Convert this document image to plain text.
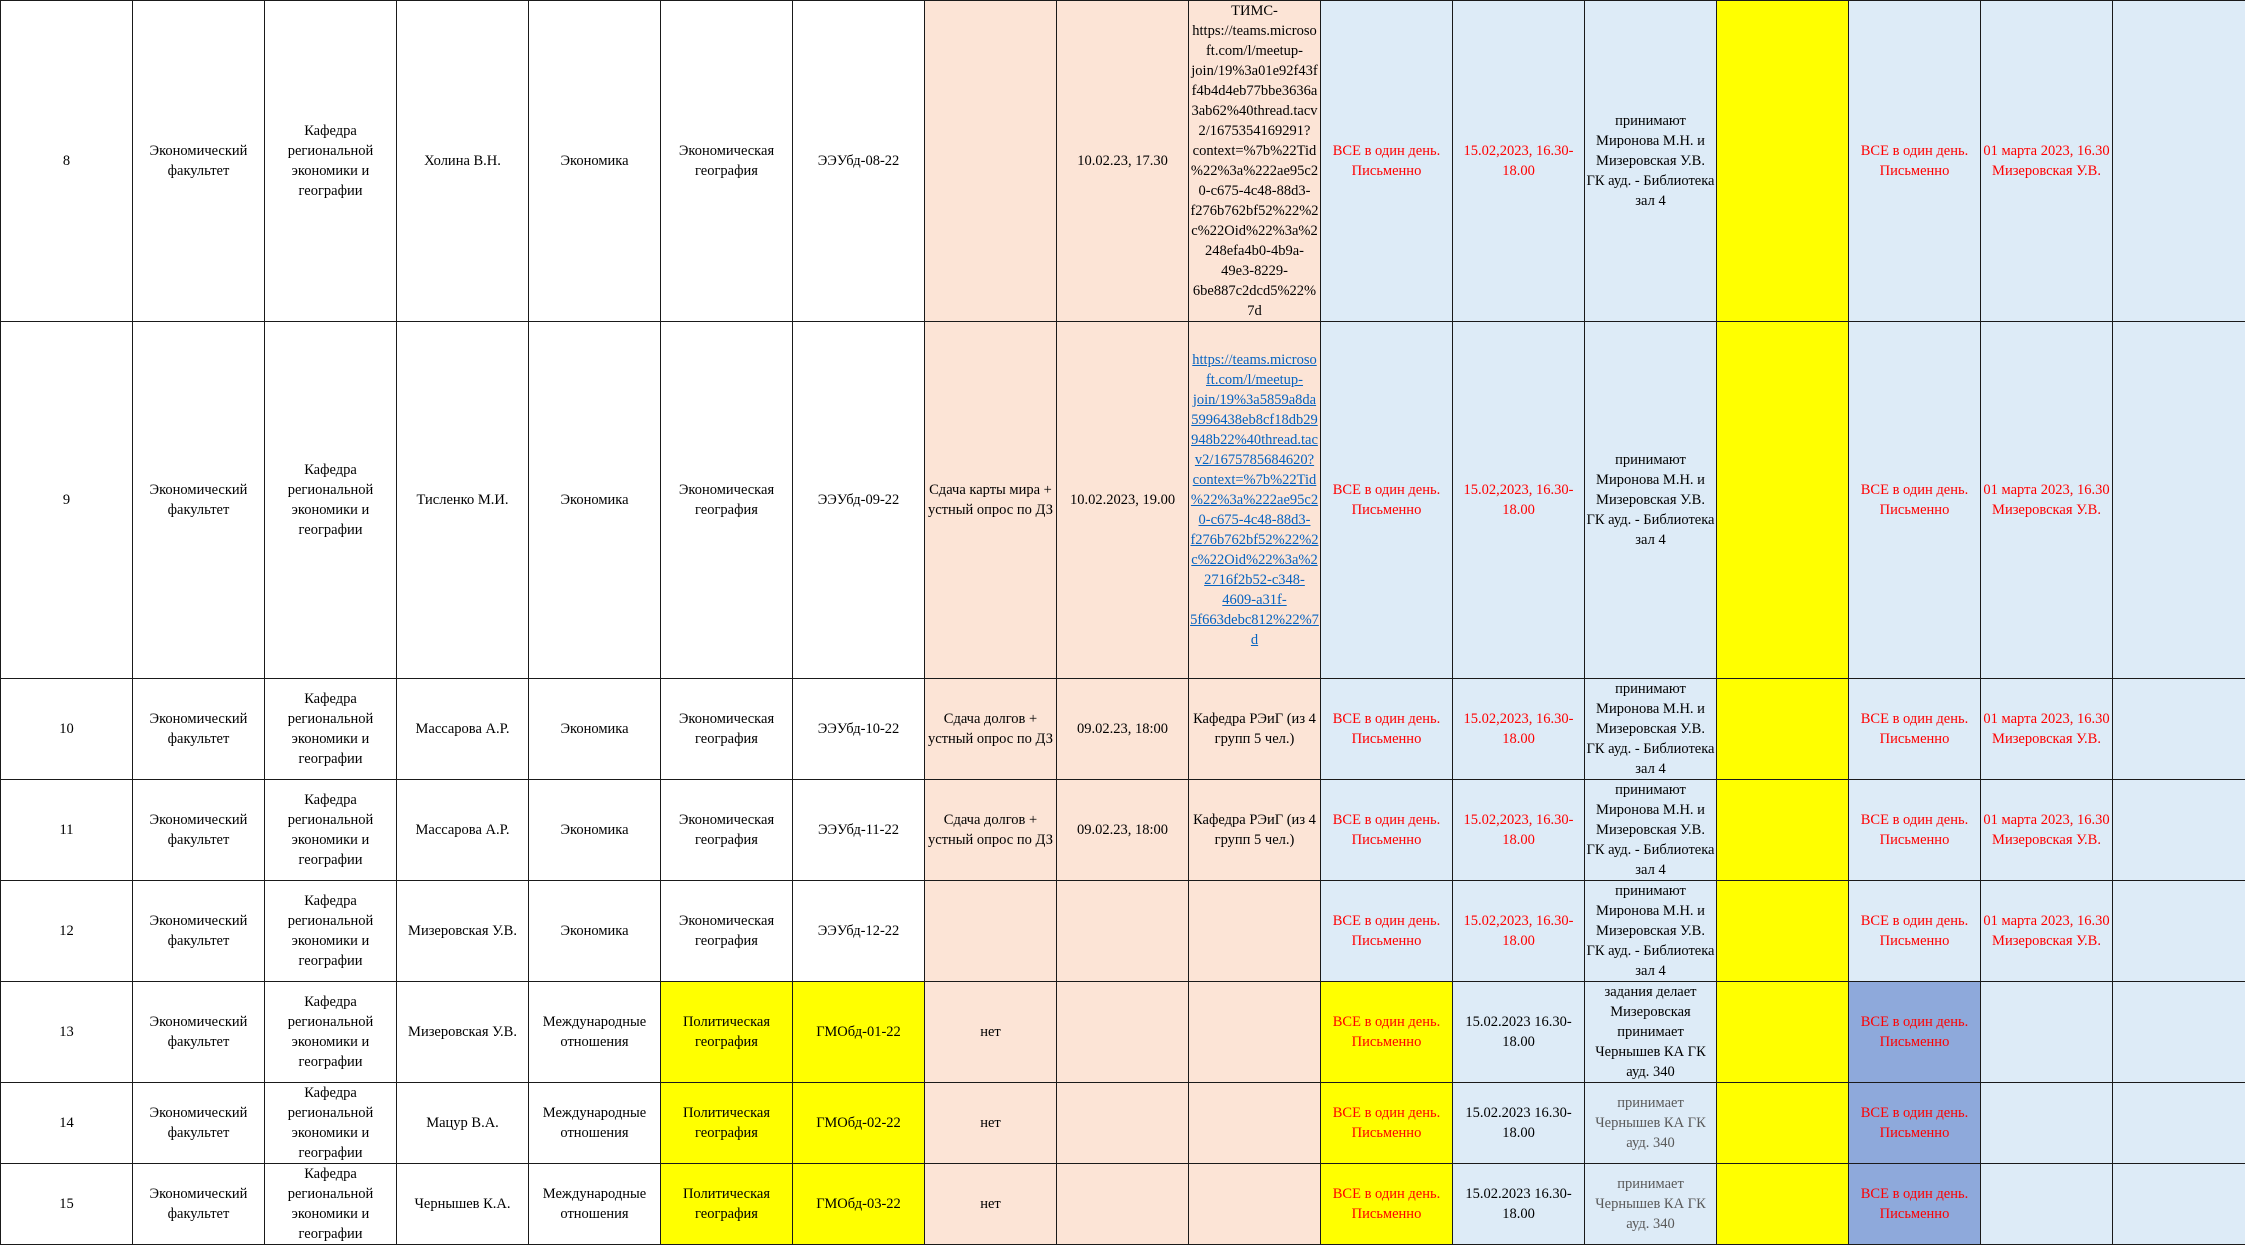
8	Экономический факультет	Кафедра региональной экономики и географии	Холина В.Н.	Экономика	Экономическая география	ЭЭУбд-08-22		10.02.23, 17.30	ТИМС- https://teams.microsoft.com/l/meetup-join/19%3a01e92f43ff4b4d4eb77bbe3636a3ab62%40thread.tacv2/1675354169291?context=%7b%22Tid%22%3a%222ae95c20-c675-4c48-88d3-f276b762bf52%22%2c%22Oid%22%3a%2248efa4b0-4b9a-49e3-8229-6be887c2dcd5%22%7d	ВСЕ в один день. Письменно	15.02,2023, 16.30-18.00	принимают Миронова М.Н. и Мизеровская У.В. ГК ауд. - Библиотека зал 4		ВСЕ в один день. Письменно	01 марта 2023, 16.30 Мизеровская У.В.	
9	Экономический факультет	Кафедра региональной экономики и географии	Тисленко М.И.	Экономика	Экономическая география	ЭЭУбд-09-22	Сдача карты мира + устный опрос по ДЗ	10.02.2023, 19.00	https://teams.microsoft.com/l/meetup-join/19%3a5859a8da5996438eb8cf18db29948b22%40thread.tacv2/1675785684620?context=%7b%22Tid%22%3a%222ae95c20-c675-4c48-88d3-f276b762bf52%22%2c%22Oid%22%3a%22716f2b52-c348-4609-a31f-5f663debc812%22%7d	ВСЕ в один день. Письменно	15.02,2023, 16.30-18.00	принимают Миронова М.Н. и Мизеровская У.В. ГК ауд. - Библиотека зал 4		ВСЕ в один день. Письменно	01 марта 2023, 16.30 Мизеровская У.В.	
10	Экономический факультет	Кафедра региональной экономики и географии	Массарова А.Р.	Экономика	Экономическая география	ЭЭУбд-10-22	Сдача долгов + устный опрос по ДЗ	09.02.23, 18:00	Кафедра РЭиГ (из 4 групп 5 чел.)	ВСЕ в один день. Письменно	15.02,2023, 16.30-18.00	принимают Миронова М.Н. и Мизеровская У.В. ГК ауд. - Библиотека зал 4		ВСЕ в один день. Письменно	01 марта 2023, 16.30 Мизеровская У.В.	
11	Экономический факультет	Кафедра региональной экономики и географии	Массарова А.Р.	Экономика	Экономическая география	ЭЭУбд-11-22	Сдача долгов + устный опрос по ДЗ	09.02.23, 18:00	Кафедра РЭиГ (из 4 групп 5 чел.)	ВСЕ в один день. Письменно	15.02,2023, 16.30-18.00	принимают Миронова М.Н. и Мизеровская У.В. ГК ауд. - Библиотека зал 4		ВСЕ в один день. Письменно	01 марта 2023, 16.30 Мизеровская У.В.	
12	Экономический факультет	Кафедра региональной экономики и географии	Мизеровская У.В.	Экономика	Экономическая география	ЭЭУбд-12-22				ВСЕ в один день. Письменно	15.02,2023, 16.30-18.00	принимают Миронова М.Н. и Мизеровская У.В. ГК ауд. - Библиотека зал 4		ВСЕ в один день. Письменно	01 марта 2023, 16.30 Мизеровская У.В.	
13	Экономический факультет	Кафедра региональной экономики и географии	Мизеровская У.В.	Международные отношения	Политическая география	ГМОбд-01-22	нет			ВСЕ в один день. Письменно	15.02.2023 16.30-18.00	задания делает Мизеровская принимает Чернышев КА ГК ауд. 340		ВСЕ в один день. Письменно		
14	Экономический факультет	Кафедра региональной экономики и географии	Мацур В.А.	Международные отношения	Политическая география	ГМОбд-02-22	нет			ВСЕ в один день. Письменно	15.02.2023 16.30-18.00	принимает Чернышев КА ГК ауд. 340		ВСЕ в один день. Письменно		
15	Экономический факультет	Кафедра региональной экономики и географии	Чернышев К.А.	Международные отношения	Политическая география	ГМОбд-03-22	нет			ВСЕ в один день. Письменно	15.02.2023 16.30-18.00	принимает Чернышев КА ГК ауд. 340		ВСЕ в один день. Письменно		
